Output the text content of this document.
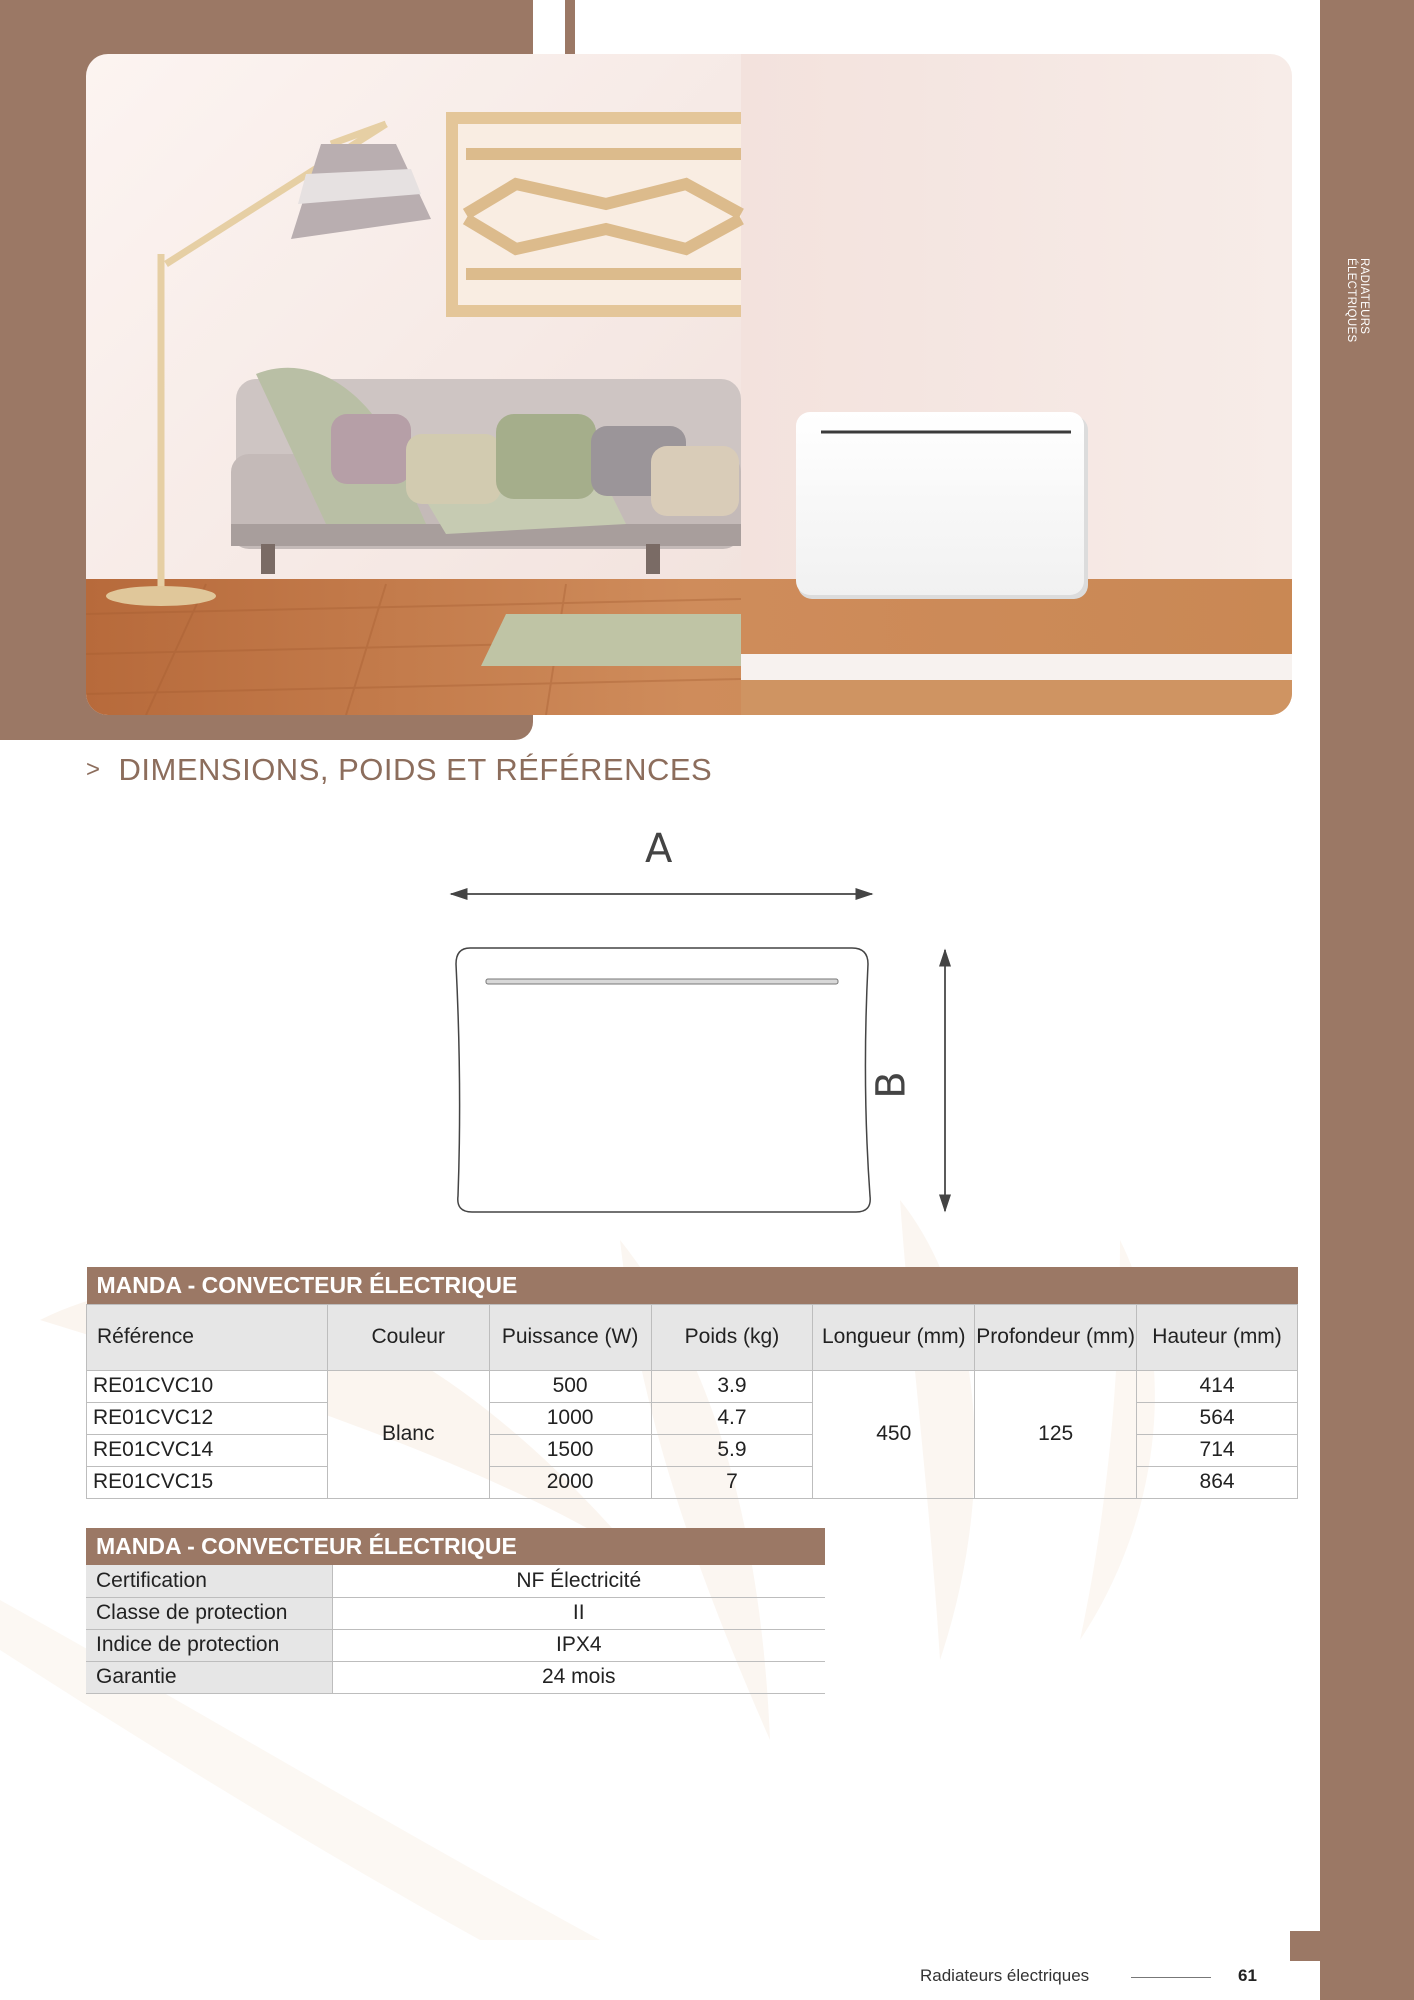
RADIATEURS ÉLECTRIQUES
> DIMENSIONS, POIDS ET RÉFÉRENCES
A
B
MANDA - CONVECTEUR ÉLECTRIQUE						
Référence	Couleur	Puissance (W)	Poids (kg)	Longueur (mm)	Profondeur (mm)	Hauteur (mm)
RE01CVC10	Blanc	500	3.9	450	125	414
RE01CVC12		1000	4.7			564
RE01CVC14		1500	5.9			714
RE01CVC15		2000	7			864
MANDA - CONVECTEUR ÉLECTRIQUE	
Certification	NF Électricité
Classe de protection	II
Indice de protection	IPX4
Garantie	24 mois
Radiateurs électriques	61
